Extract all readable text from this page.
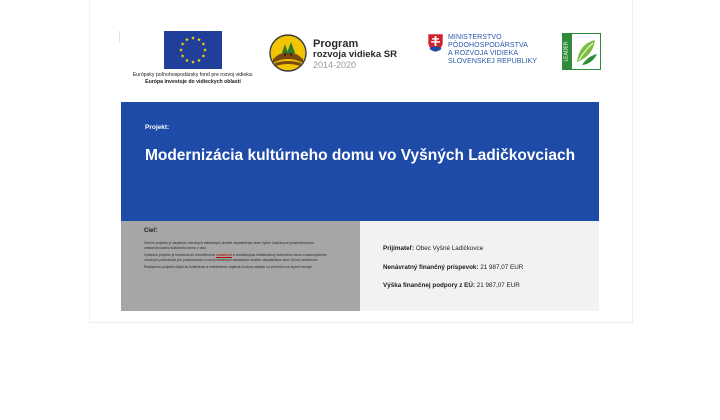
Európsky poľnohospodársky fond pre rozvoj vidieka:
Európa investuje do vidieckych oblastí
Program
rozvoja vidieka SR
2014-2020
MINISTERSTVO
PÔDOHOSPODÁRSTVA
A ROZVOJA VIDIEKA
SLOVENSKEJ REPUBLIKY	LEADER
Projekt:
Modernizácia kultúrneho domu vo Vyšných Ladičkovciach
Cieľ:

Cieľom projektu je zlepšenie miestnych základných služieb obyvateľstva obce Vyšné Ladičkovce prostredníctvom zrekonštruovania kultúrneho domu v obci.

Výsledok projektu je investícia do rekonštrukcie zariadenia a revitalizujúca infraštruktúry kultúrneho domu a zabezpečenie vhodných podmienok pre poskytovanie a rozvoj miestnych základných služieb obyvateľstva obce Vyšné Ladičkovce.

Realizáciou projektu dôjde ku kvalitnému a estetickému zvýšeniu budovy objektu so znížením na úspore energií.

Prijímateľ: Obec Vyšné Ladičkovce
Nenávratný finančný príspevok: 21 987,07 EUR
Výška finančnej podpory z EÚ: 21 987,07 EUR
